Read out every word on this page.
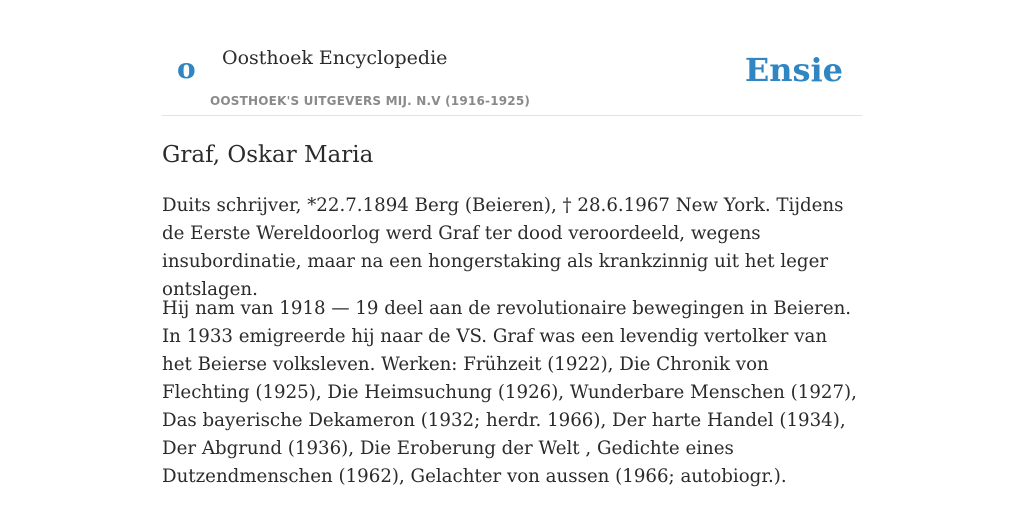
o Oosthoek Encyclopedie
OOSTHOEK'S UITGEVERS MIJ. N.V (1916-1925)
Ensie
Graf, Oskar Maria

Duits schrijver, *22.7.1894 Berg (Beieren), † 28.6.1967 New York. Tijdens de Eerste Wereldoorlog werd Graf ter dood veroordeeld, wegens insubordinatie, maar na een hongerstaking als krankzinnig uit het leger ontslagen.

Hij nam van 1918 — 19 deel aan de revolutionaire bewegingen in Beieren. In 1933 emigreerde hij naar de VS. Graf was een levendig vertolker van het Beierse volksleven. Werken: Frühzeit (1922), Die Chronik von Flechting (1925), Die Heimsuchung (1926), Wunderbare Menschen (1927), Das bayerische Dekameron (1932; herdr. 1966), Der harte Handel (1934), Der Abgrund (1936), Die Eroberung der Welt , Gedichte eines Dutzendmenschen (1962), Gelachter von aussen (1966; autobiogr.).
